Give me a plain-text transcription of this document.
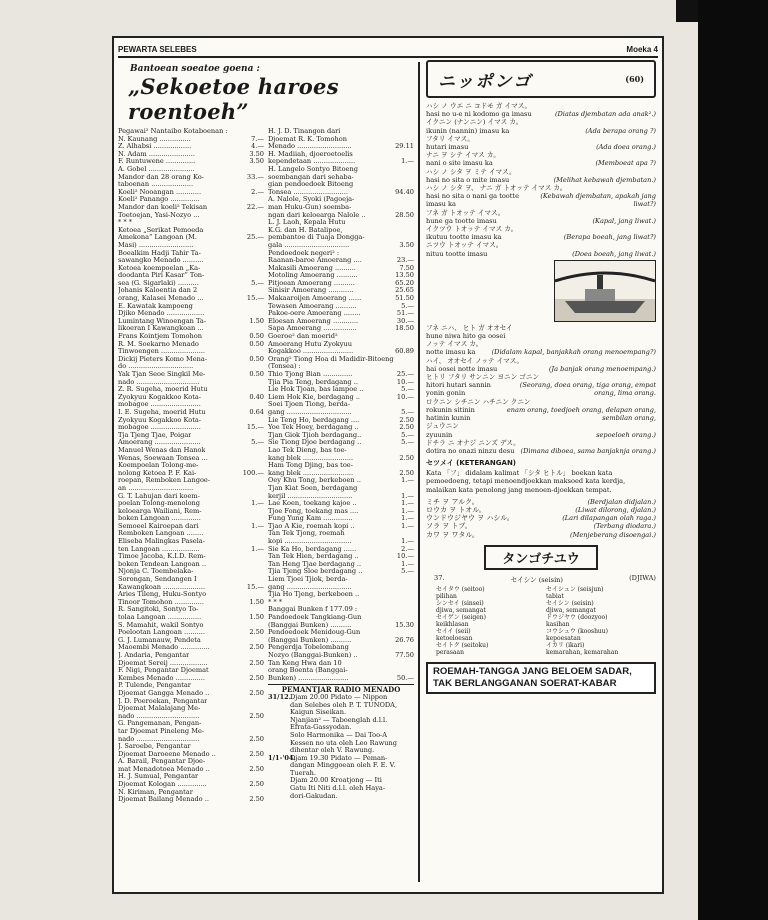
PEWARTA SELEBES	Moeka 4
Bantoean soeatoe goena :
„Sekoetoe haroes roentoeh”
Pegawai² Nantaibo Kotaboenan :
N. Kaunang ...............	7.—
Z. Alhabsi ..................	4.—
N. Adam ......................	3.50
F. Runtuwene ..............	3.50
A. Gobel ......................
Mandor dan 28 orang Ko-	33.—
taboenan ....................
Koeli² Nooangan ............	2.—
Koeli² Panango ..............
Mandor dan koeli² Tekisan	22.—
Toetoejan, Yasi-Nozyo ...
* * *
Ketoea „Serikat Pemoeda
Amekona” Langoan (M.	25.—
Masi) ..........................
Boealkim Hadji Tahir Ta-
sawangko Menado ..........
Ketoea koempoelan „Ka-
doodanta Piri Kasar” Ton-
sea (G. Sigarlaki) ..........	5.—
Johanis Kaloentia dan 2
orang, Kalasei Menado ...	15.—
E. Kawatak kampoeng
Djiko Menado ..................
Lumintang Winoengan Ta-	1.50
likoeran I Kawangkoan ...
Frans Kointjem Tomohon	0.50
R. M. Soekarno Menado	0.50
Tinwoengen .....................
Dickij Pieters Komo Mena-	0.50
do ...............................
Yak Tjan Seoe Singkil Me-	0.50
nado ..............................
Z. R. Sugeha, moerid Hutu
Zyokyuu Kogakkoo Kota-	0.40
mobagoe ........................
I. E. Sugeha, moerid Hutu	0.64
Zyokyuu Kogakkoo Kota-
mobagoe ........................	15.—
Tja Tjeng Tjae, Poigar
Amoerang ......................	5.—
Manuel Wenas dan Hanok
Wenas, Soewaan Tonsea ...
Koempoelan Tolong-me-
nolong Ketoea P. F. Kai-	100.—
roepan, Remboken Langoe-
an ...............................
G. T. Lahujan dari koem-
poelan Tolong-menolong	1.—
keloearga Wailiani, Rem-
boken Langoan ..............
Semoeel Kairoepan dari	1.—
Remboken Langoan ........
Eliseba Malingkas Pasela-
ten Langoan ..................	1.—
Timoe Jacoba, K.I.D. Rem-
boken Tendean Langoan ..
Njonja C. Toembelaka-
Sorongan, Sendangen I
Kawangkoan ....................	15.—
Aries Tileng, Huku-Sontyo
Tinoor Tomohon ..............	1.50
R. Sangitoki, Sontyo To-
tolaa Langoan ................	1.50
S. Mamahit, wakil Sontyo
Poelootan Langoan ..........	2.50
G. J. Lumanauw, Pendeta
Maoembi Menado ..............	2.50
J. Andaria, Pengantar
Djoemat Sereij ..................	2.50
F. Nigi, Pengantar Djoemat
Kembes Menado ..............	2.50
P. Tulende, Pengantar
Djoemat Gangga Menado ..	2.50
J. D. Poeroekan, Pengantar
Djoemat Malalajang Me-
nado ..............................	2.50
G. Pangemanan, Pengan-
tar Djoemat Pineleng Me-
nado ..............................	2.50
J. Saroebe, Pengantar
Djoemat Daroeene Menado ..	2.50
A. Barail, Pengantar Djoe-
mat Menadotoea Menado ..	2.50
H. J. Sumual, Pengantar
Djoemat Kologan ..............	2.50
N. Kiriman, Pengantar
Djoemat Bailang Menado ..	2.50
H. J. D. Tinangon dari
Djoemat R. K. Tomohon
Menado ..........................	29.11
H. Madiiah, djoeroetoelis
kependetaan ....................	1.—
H. Langelo Sontyo Bitoeng
soembangan dari sehaba-
gian pendoedoek Bitoeng
Tonsea ..........................	94.40
A. Nalole, Syoki (Pagoeja-
man Huku-Gun) soemba-
ngan dari keloearga Nalole ..	28.50
L. J. Laoh, Kepala Hutu
K.G. dan H. Batalipoe,
pembantoe di Tuaja Dongga-
gala ...............................	3.50
Pendoedoek negeri² :
Raanan-baroe Amoerang ....	23.—
Makasili Amoerang ..........	7.50
Motoling Amoerang ..........	13.50
Pitjoean Amoerang ..........	65.20
Sinisir Amoerang ............	25.65
Makaaroijen Amoerang ......	51.50
Tewasen Amoerang ..........	5.—
Pakoe-oere Amoerang ........	51.—
Eloesan Amoerang ............	30.—
Sapa Amoerang ................	18.50
Goeroe² dan moerid²
Amoerang Hutu Zyokyuu
Kogakkoo ........................	60.89
Orang² Tiong Hoa di Madidir-Bitoeng
(Tonsea) :
Thio Tjong Bian ..............	25.—
Tjia Pia Teng, berdagang ..	10.—
Lie Hok Tjoan, bas lampoe ..	5.—
Liem Hok Kie, berdagang ..	10.—
Soei Tjoen Tiong, berda-
gang ...............................	5.—
Lie Teng Ho, berdagang ....	2.50
Yoe Tek Hoey, berdagang ..	2.50
Tjan Giok Tjioh berdagang..	5.—
Sie Tiong Djoe berdagang ..	5.—
Lao Tek Dieng, bas toe-
kang blek ........................	2.50
Ham Tong Djing, bas toe-
kang blek ........................	2.50
Oey Khu Tong, berkeboen ..	1.—
Tjan Kiat Soen, berdagang
kerjil ...............................	1.—
Lae Koen, toekang kajoe ..	1.—
Tjoe Fong, toekang mas ....	1.—
Fung Yung Kam ..............	1.—
Tjao A Kie, roemah kopi ..	1.—
Tan Tek Tjong, roemah
kopi ................................	1.—
Sie Ka Ho, berdagang ......	2.—
Tan Tek Hien, berdagang ..	10.—
Tan Heng Tjae berdagang ..	1.—
Tjia Tjeng Sloe berdagang ..	5.—
Liem Tjoei Tjiok, berda-
gang ...............................
Tjia Ho Tjeng, berkeboen ..
* * *
Banggai Bunken f 177.09 :
Pandoedoek Tangkiang-Gun
(Banggai Bunken) ..........	15.30
Pendoedoek Menidoug-Gun
(Banggai Bunken) ..........	26.76
Pengerdja Tobelombang
Nozyo (Banggai-Bunken) ..	77.50
Tan Keng Hwa dan 10
orang Boenta (Banggai-
Bunken) ........................	50.—
PEMANTJAR RADIO MENADO
31/12.
Djam 20.00 Pidato — Nippon
dan Selebes oleh P. T. TUNODA,
Kaigun Siseikan.
Njanjian² — Taboenglah d.l.l.
Efrata-Gassyodan.
Solo Harmonika — Dai Too-A
Kessen no uta oleh Leo Rawung
dihentar oleh V. Rawung.
1/1-'04.
Djam 19.30 Pidato — Peman-
dangan Minggoean oleh F. E. V.
Tuerah.
Djam 20.00 Kroatjong — Iti
Gatu Iti Niti d.l.l. oleh Haya-
dori-Gakudan.
ニッポンゴ	(60)
ハシ ノ ウエ ニ コドモ ガ イマス。
hasi no u-e ni kodomo ga imasu	(Diatas djembatan ada anak².)
イクニン (ナンニン) イマス カ。
ikunin (nannin) imasu ka	(Ada berapa orang ?)
フタリ イマス。
hutari imasu	(Ada doea orang.)
ナニ ヲ シテ イマス カ。
nani o site imasu ka	(Memboeat apa ?)
ハシ ノ シタ ヲ ミテ イマス。
hasi no sita o mite imasu	(Melihat kebawah djembatan.)
ハシ ノ シタ ヲ、 ナニ ガ トオッテ イマス カ。
hasi no sita o nani ga tootte imasu ka
(Kebawah djembatan, apakah jang liwat?)
フネ ガ トオッテ イマス。
hune ga tootte imasu	(Kapal, jang liwat.)
イクツウ トオッテ イマス カ。
ikutuu tootte imasu ka	(Berapa boeah, jang liwat?)
ニツウ トオッテ イマス。
nituu tootte imasu	(Doea boeah, jang liwat.)
フネ ニハ、 ヒト ガ オオセイ
hune niwa hito ga oosei
ノッテ イマス カ。
notte imasu ka (Didalam kapal, banjakkah orang menoempang?)
ハイ、 オオセイ ノッテ イマス。
hai oosei notte imasu	(Ja banjak orang menoempang.)
ヒトリ フタリ サンニン ヨニン ゴニン
hitori hutari sannin yonin gonin
(Seorang, doea orang, tiga orang, empat orang, lima orang.
ロクニン シチニン ハチニン クニン
rokunin sitinin hatinin kunin
enam orang, toedjoeh orang, delapan orang, sembilan orang,
ジュウニン
zyuunin	sepoeloeh orang.)
ドチラ ニ オナジ ニンズ デス。
dotira no onazi ninzu desu (Dimana diboea, sama banjaknja orang.)
セツメイ (KETERANGAN)
Kata 「フ」 didalam kalimat 「シタ ヒトル」 boekan kata pemoedoeng, tetapi menoendjoekkan maksoed kata kerdja, malaikan kata penolong jang menoen-djoekkan tempat.
ミチ ヲ アルク。	(Berdjalan didjalan.)
ロウカ ヲ トオル。	(Liwat dilorong, djalan.)
ウンドウジヤウ ヲ ハシル。	(Lari dilapangan olah raga.)
ソラ ヲ トブ。	(Terbang diodara.)
カワ ヲ ワタル。	(Menjeberang disoengai.)
タンゴチユウ
37.	セイシン (seisin)	(DJIWA)
セイタウ (seitoo)	セイシュン (seisjun)
pilihan	tabiat
シンセイ (sinsei)	セイシン (seisin)
djiwa, semangat	djiwa, semangat
セイゲン (seigen)	ドウジヤウ (doozyoo)
keikhlasan	kasihan
セイイ (seii)	コウシュウ (kooshuu)
ketoeloesan	kepoesatan
セイトク (seitoku)	イカリ (ikari)
perasaan	kemarahan, kemarahan
ROEMAH-TANGGA JANG BELOEM SADAR,
TAK BERLANGGANAN SOERAT-KABAR
